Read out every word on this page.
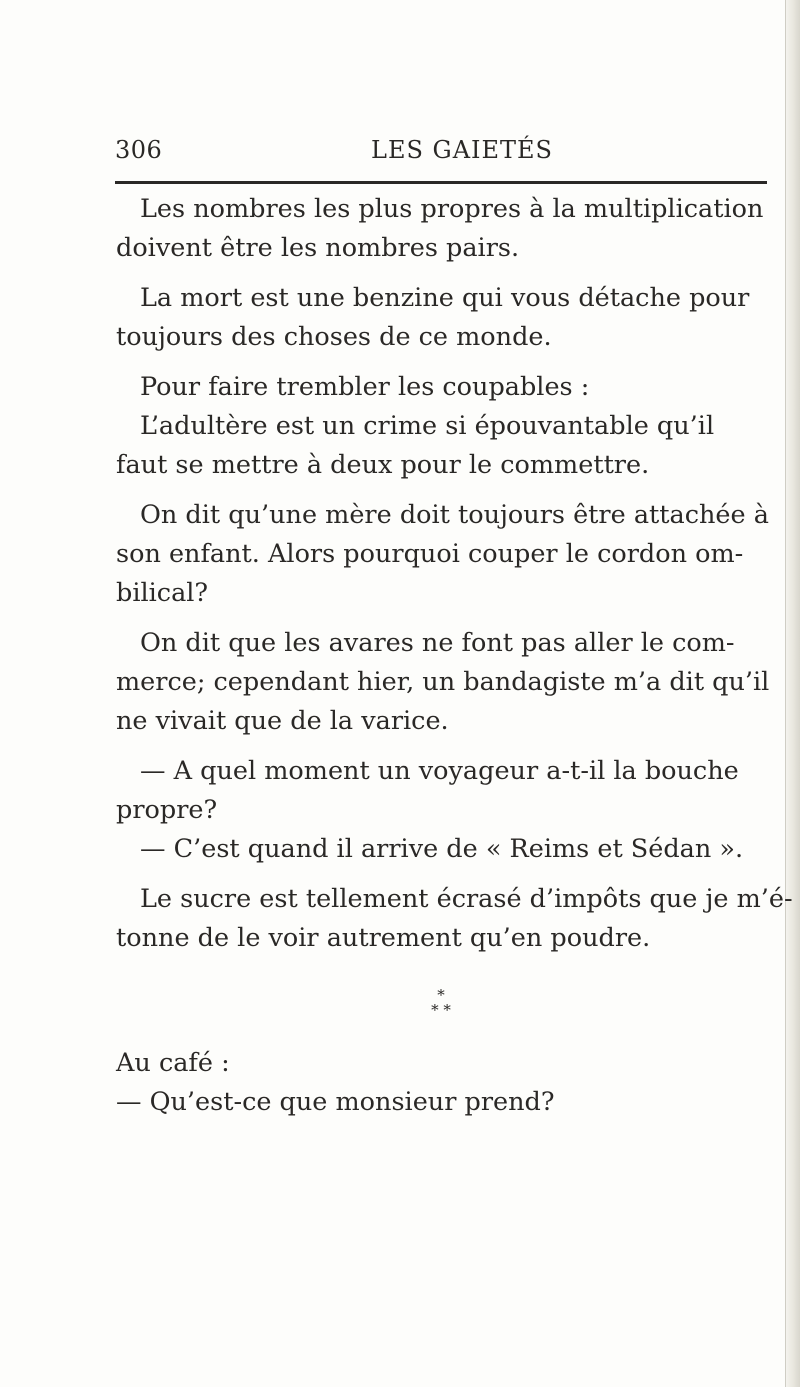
306	LES GAIETÉS
Les nombres les plus propres à la multiplication
doivent être les nombres pairs.
La mort est une benzine qui vous détache pour
toujours des choses de ce monde.
Pour faire trembler les coupables :
L’adultère est un crime si épouvantable qu’il
faut se mettre à deux pour le commettre.
On dit qu’une mère doit toujours être attachée à
son enfant. Alors pourquoi couper le cordon om-
bilical?
On dit que les avares ne font pas aller le com-
merce; cependant hier, un bandagiste m’a dit qu’il
ne vivait que de la varice.
— A quel moment un voyageur a-t-il la bouche
propre?
— C’est quand il arrive de « Reims et Sédan ».
Le sucre est tellement écrasé d’impôts que je m’é-
tonne de le voir autrement qu’en poudre.
*
* *
Au café :
— Qu’est-ce que monsieur prend?
